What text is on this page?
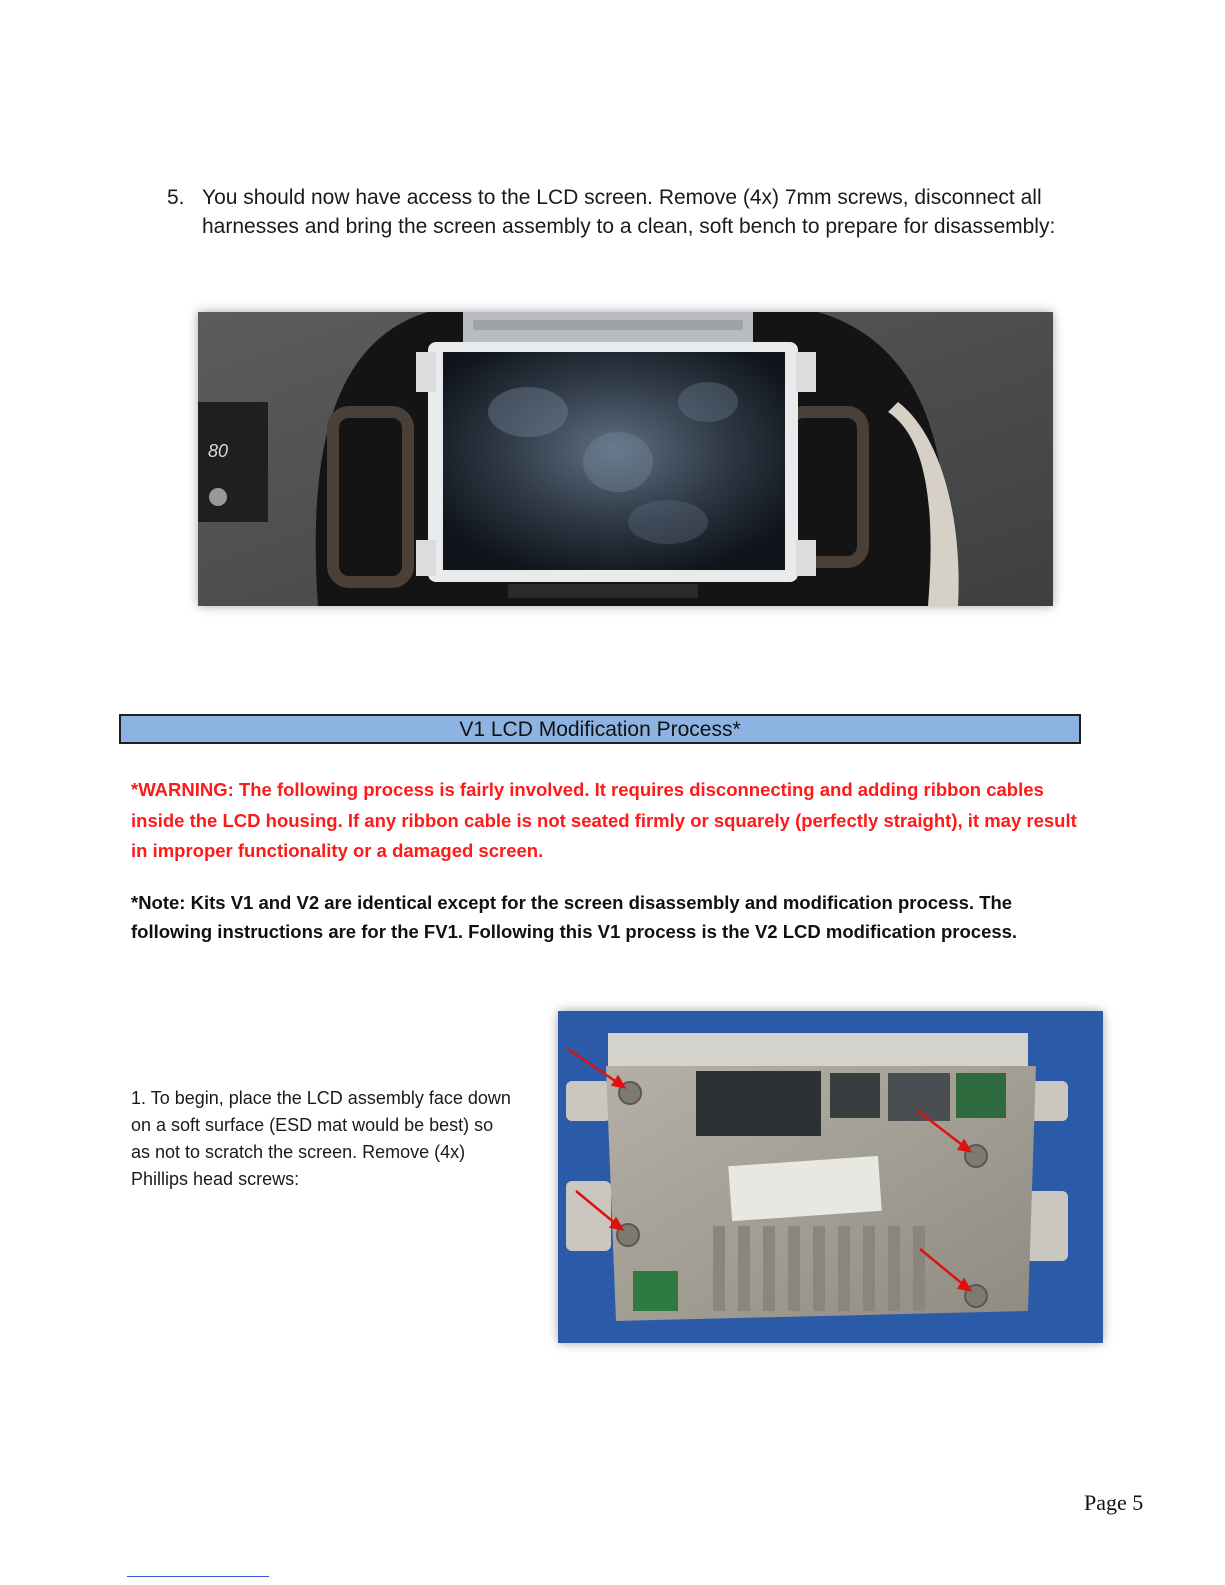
5. You should now have access to the LCD screen. Remove (4x) 7mm screws, disconnect all harnesses and bring the screen assembly to a clean, soft bench to prepare for disassembly:
80
V1 LCD Modification Process*
*WARNING: The following process is fairly involved. It requires disconnecting and adding ribbon cables inside the LCD housing. If any ribbon cable is not seated firmly or squarely (perfectly straight), it may result in improper functionality or a damaged screen.
*Note: Kits V1 and V2 are identical except for the screen disassembly and modification process. The following instructions are for the FV1. Following this V1 process is the V2 LCD modification process.
1. To begin, place the LCD assembly face down on a soft surface (ESD mat would be best) so as not to scratch the screen. Remove (4x) Phillips head screws:
Page 5
